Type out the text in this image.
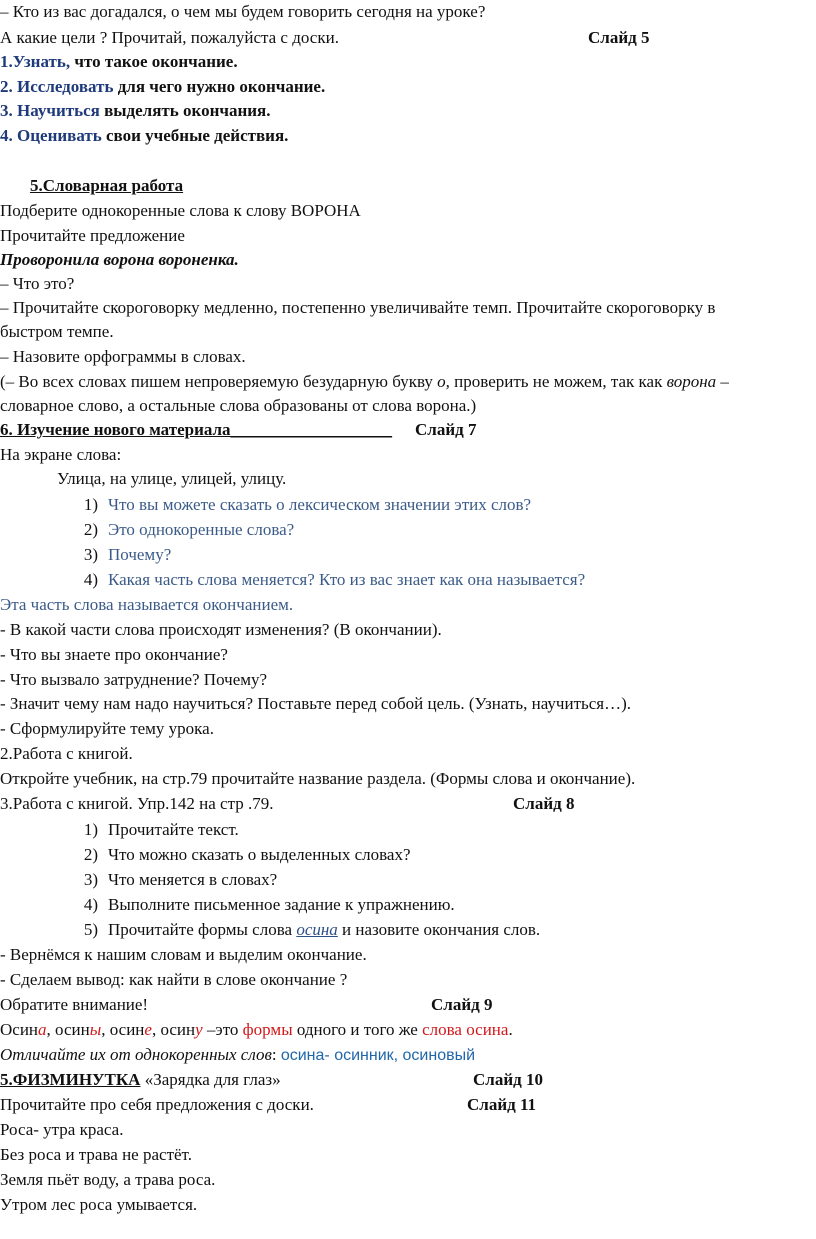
– Кто из вас догадался, о чем мы будем говорить сегодня на уроке?
А какие цели ? Прочитай, пожалуйста с доски.	Слайд 5
1.Узнать, что такое окончание.
2. Исследовать для чего нужно окончание.
3. Научиться выделять окончания.
4. Оценивать свои учебные действия.
5.Словарная работа
Подберите однокоренные слова к слову ВОРОНА
Прочитайте предложение
Проворонила ворона вороненка.
– Что это?
– Прочитайте скороговорку медленно, постепенно увеличивайте темп. Прочитайте скороговорку в
быстром темпе.
– Назовите орфограммы в словах.
(– Во всех словах пишем непроверяемую безударную букву о, проверить не можем, так как ворона –
словарное слово, а остальные слова образованы от слова ворона.)
6. Изучение нового материала___________________ Слайд 7
На экране слова:
Улица, на улице, улицей, улицу.
1) Что вы можете сказать о лексическом значении этих слов?
2) Это однокоренные слова?
3) Почему?
4) Какая часть слова меняется? Кто из вас знает как она называется?
Эта часть слова называется окончанием.
- В какой части слова происходят изменения? (В окончании).
- Что вы знаете про окончание?
- Что вызвало затруднение? Почему?
- Значит чему нам надо научиться? Поставьте перед собой цель. (Узнать, научиться…).
- Сформулируйте тему урока.
2.Работа с книгой.
Откройте учебник, на стр.79 прочитайте название раздела. (Формы слова и окончание).
3.Работа с книгой. Упр.142 на стр .79.	Слайд 8
1) Прочитайте текст.
2) Что можно сказать о выделенных словах?
3) Что меняется в словах?
4) Выполните письменное задание к упражнению.
5) Прочитайте формы слова осина и назовите окончания слов.
- Вернёмся к нашим словам и выделим окончание.
- Сделаем вывод: как найти в слове окончание ?
Обратите внимание!	Слайд 9
Осина, осины, осине, осину –это формы одного и того же слова осина.
Отличайте их от однокоренных слов: осина- осинник, осиновый
5.ФИЗМИНУТКА «Зарядка для глаз»	Слайд 10
Прочитайте про себя предложения с доски.	Слайд 11
Роса- утра краса.
Без роса и трава не растёт.
Земля пьёт воду, а трава роса.
Утром лес роса умывается.
